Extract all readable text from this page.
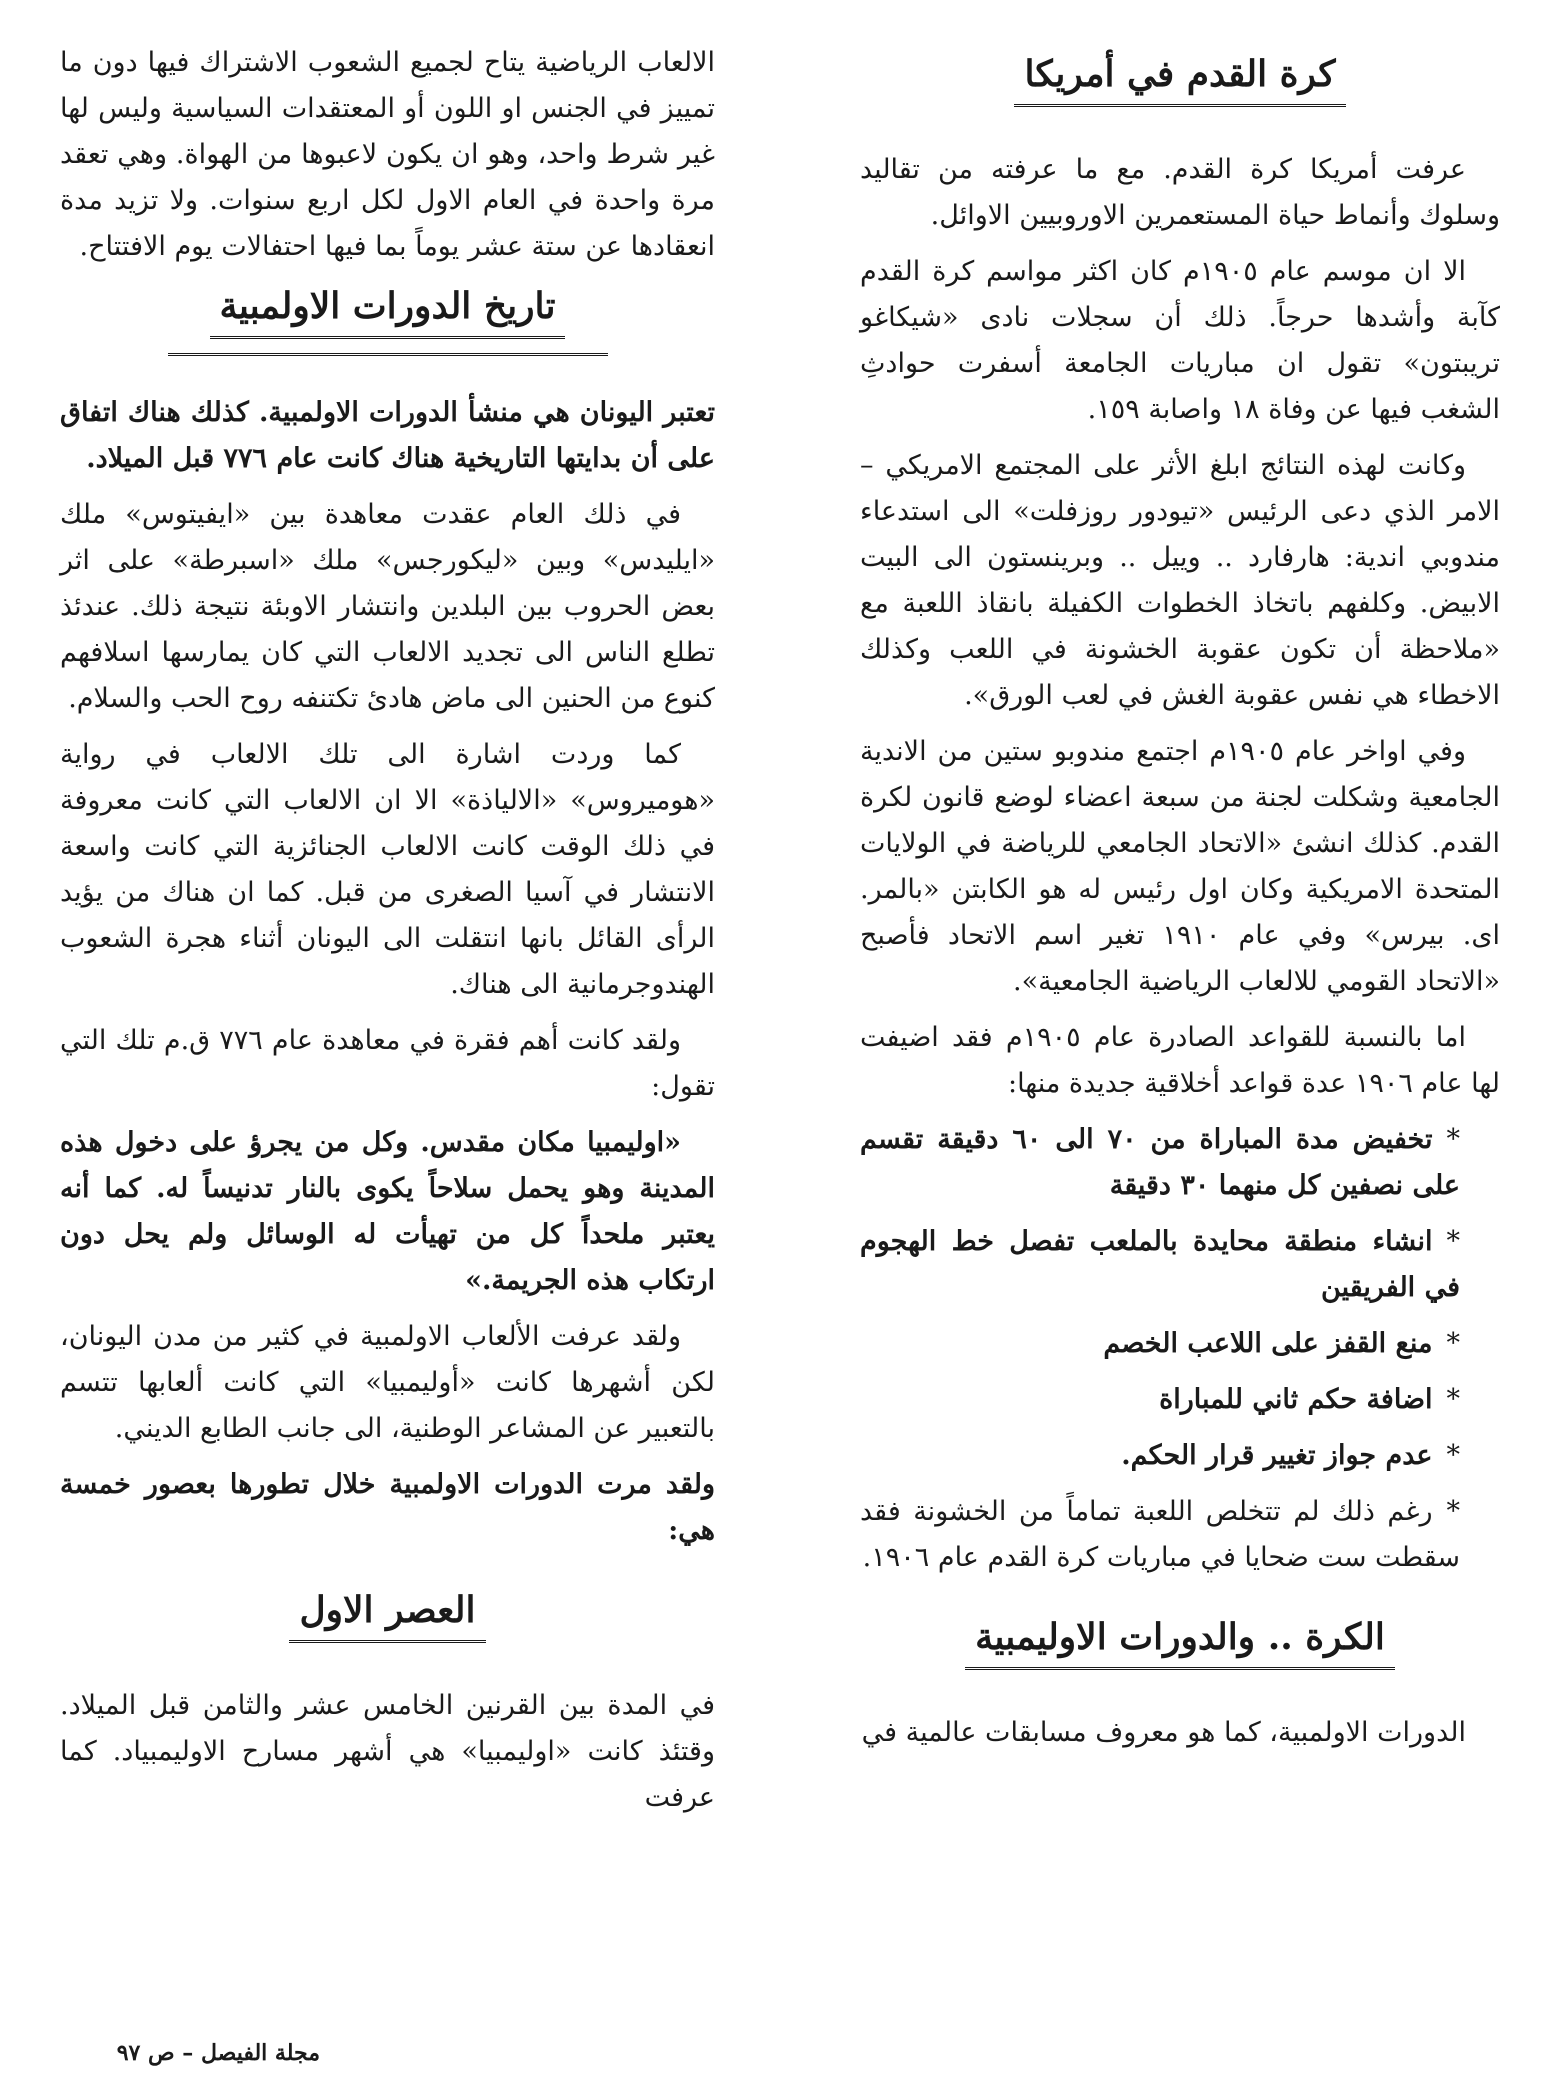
كرة القدم في أمريكا

عرفت أمريكا كرة القدم. مع ما عرفته من تقاليد وسلوك وأنماط حياة المستعمرين الاوروبيين الاوائل.

الا ان موسم عام ١٩٠٥م كان اكثر مواسم كرة القدم كآبة وأشدها حرجاً. ذلك أن سجلات نادى «شيكاغو تريبتون» تقول ان مباريات الجامعة أسفرت حوادثِ الشغب فيها عن وفاة ١٨ واصابة ١٥٩.

وكانت لهذه النتائج ابلغ الأثر على المجتمع الامريكي – الامر الذي دعى الرئيس «تيودور روزفلت» الى استدعاء مندوبي اندية: هارفارد .. وييل .. وبرينستون الى البيت الابيض. وكلفهم باتخاذ الخطوات الكفيلة بانقاذ اللعبة مع «ملاحظة أن تكون عقوبة الخشونة في اللعب وكذلك الاخطاء هي نفس عقوبة الغش في لعب الورق».

وفي اواخر عام ١٩٠٥م اجتمع مندوبو ستين من الاندية الجامعية وشكلت لجنة من سبعة اعضاء لوضع قانون لكرة القدم. كذلك انشئ «الاتحاد الجامعي للرياضة في الولايات المتحدة الامريكية وكان اول رئيس له هو الكابتن «بالمر. اى. بيرس» وفي عام ١٩١٠ تغير اسم الاتحاد فأصبح «الاتحاد القومي للالعاب الرياضية الجامعية».

اما بالنسبة للقواعد الصادرة عام ١٩٠٥م فقد اضيفت لها عام ١٩٠٦ عدة قواعد أخلاقية جديدة منها:

*تخفيض مدة المباراة من ٧٠ الى ٦٠ دقيقة تقسم على نصفين كل منهما ٣٠ دقيقة

*انشاء منطقة محايدة بالملعب تفصل خط الهجوم في الفريقين

*منع القفز على اللاعب الخصم

*اضافة حكم ثاني للمباراة

*عدم جواز تغيير قرار الحكم.

*رغم ذلك لم تتخلص اللعبة تماماً من الخشونة فقد سقطت ست ضحايا في مباريات كرة القدم عام ١٩٠٦.

الكرة .. والدورات الاوليمبية

الدورات الاولمبية، كما هو معروف مسابقات عالمية في

الالعاب الرياضية يتاح لجميع الشعوب الاشتراك فيها دون ما تمييز في الجنس او اللون أو المعتقدات السياسية وليس لها غير شرط واحد، وهو ان يكون لاعبوها من الهواة. وهي تعقد مرة واحدة في العام الاول لكل اربع سنوات. ولا تزيد مدة انعقادها عن ستة عشر يوماً بما فيها احتفالات يوم الافتتاح.

تاريخ الدورات الاولمبية

تعتبر اليونان هي منشأ الدورات الاولمبية. كذلك هناك اتفاق على أن بدايتها التاريخية هناك كانت عام ٧٧٦ قبل الميلاد.

في ذلك العام عقدت معاهدة بين «ايفيتوس» ملك «ايليدس» وبين «ليكورجس» ملك «اسبرطة» على اثر بعض الحروب بين البلدين وانتشار الاوبئة نتيجة ذلك. عندئذ تطلع الناس الى تجديد الالعاب التي كان يمارسها اسلافهم كنوع من الحنين الى ماض هادئ تكتنفه روح الحب والسلام.

كما وردت اشارة الى تلك الالعاب في رواية «هوميروس» «الالياذة» الا ان الالعاب التي كانت معروفة في ذلك الوقت كانت الالعاب الجنائزية التي كانت واسعة الانتشار في آسيا الصغرى من قبل. كما ان هناك من يؤيد الرأى القائل بانها انتقلت الى اليونان أثناء هجرة الشعوب الهندوجرمانية الى هناك.

ولقد كانت أهم فقرة في معاهدة عام ٧٧٦ ق.م تلك التي تقول:

«اوليمبيا مكان مقدس. وكل من يجرؤ على دخول هذه المدينة وهو يحمل سلاحاً يكوى بالنار تدنيساً له. كما أنه يعتبر ملحداً كل من تهيأت له الوسائل ولم يحل دون ارتكاب هذه الجريمة.»

ولقد عرفت الألعاب الاولمبية في كثير من مدن اليونان، لكن أشهرها كانت «أوليمبيا» التي كانت ألعابها تتسم بالتعبير عن المشاعر الوطنية، الى جانب الطابع الديني.

ولقد مرت الدورات الاولمبية خلال تطورها بعصور خمسة هي:

العصر الاول

في المدة بين القرنين الخامس عشر والثامن قبل الميلاد. وقتئذ كانت «اوليمبيا» هي أشهر مسارح الاوليمبياد. كما عرفت

مجلة الفيصل – ص ٩٧
